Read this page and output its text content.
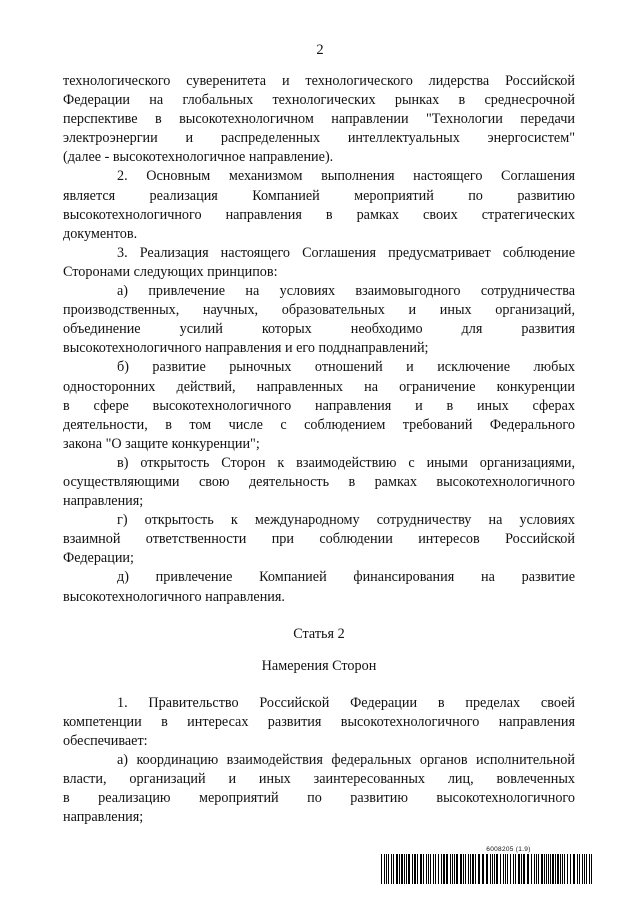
2
технологического суверенитета и технологического лидерства Российской
Федерации на глобальных технологических рынках в среднесрочной
перспективе в высокотехнологичном направлении "Технологии передачи
электроэнергии и распределенных интеллектуальных энергосистем"
(далее - высокотехнологичное направление).
2. Основным механизмом выполнения настоящего Соглашения
является реализация Компанией мероприятий по развитию
высокотехнологичного направления в рамках своих стратегических
документов.
3. Реализация настоящего Соглашения предусматривает соблюдение
Сторонами следующих принципов:
а) привлечение на условиях взаимовыгодного сотрудничества
производственных, научных, образовательных и иных организаций,
объединение усилий которых необходимо для развития
высокотехнологичного направления и его подднаправлений;
б) развитие рыночных отношений и исключение любых
односторонних действий, направленных на ограничение конкуренции
в сфере высокотехнологичного направления и в иных сферах
деятельности, в том числе с соблюдением требований Федерального
закона "О защите конкуренции";
в) открытость Сторон к взаимодействию с иными организациями,
осуществляющими свою деятельность в рамках высокотехнологичного
направления;
г) открытость к международному сотрудничеству на условиях
взаимной ответственности при соблюдении интересов Российской
Федерации;
д) привлечение Компанией финансирования на развитие
высокотехнологичного направления.
Статья 2
Намерения Сторон
1. Правительство Российской Федерации в пределах своей
компетенции в интересах развития высокотехнологичного направления
обеспечивает:
а) координацию взаимодействия федеральных органов исполнительной
власти, организаций и иных заинтересованных лиц, вовлеченных
в реализацию мероприятий по развитию высокотехнологичного
направления;
6008205 (1.9)
